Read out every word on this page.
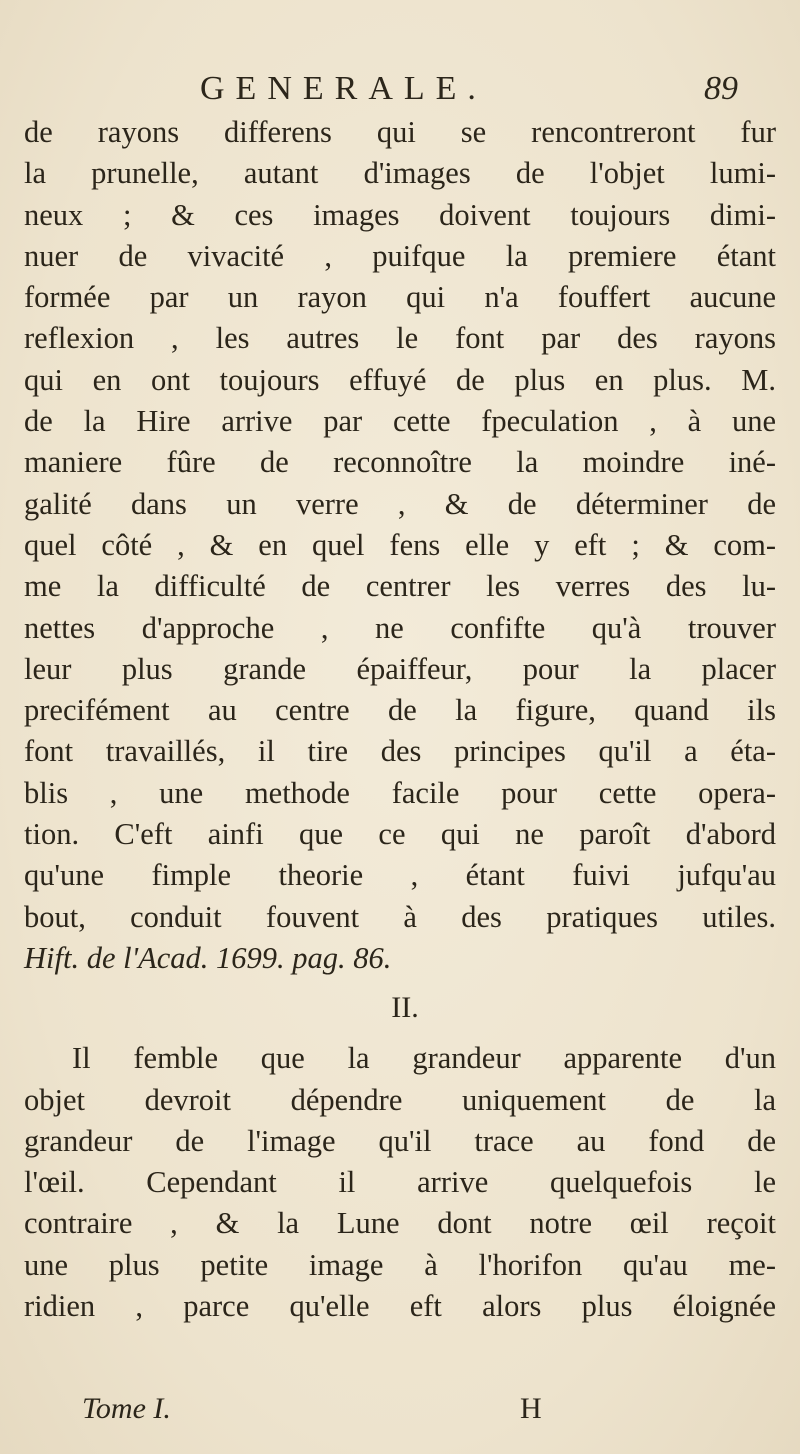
GENERALE.	89
de rayons differens qui se rencontreront fur
la prunelle, autant d'images de l'objet lumi-
neux ; & ces images doivent toujours dimi-
nuer de vivacité , puifque la premiere étant
formée par un rayon qui n'a fouffert aucune
reflexion , les autres le font par des rayons
qui en ont toujours effuyé de plus en plus. M.
de la Hire arrive par cette fpeculation , à une
maniere fûre de reconnoître la moindre iné-
galité dans un verre , & de déterminer de
quel côté , & en quel fens elle y eft ; & com-
me la difficulté de centrer les verres des lu-
nettes d'approche , ne confifte qu'à trouver
leur plus grande épaiffeur, pour la placer
precifément au centre de la figure, quand ils
font travaillés, il tire des principes qu'il a éta-
blis , une methode facile pour cette opera-
tion. C'eft ainfi que ce qui ne paroît d'abord
qu'une fimple theorie , étant fuivi jufqu'au
bout, conduit fouvent à des pratiques utiles.
Hift. de l'Acad. 1699. pag. 86.
II.
Il femble que la grandeur apparente d'un
objet devroit dépendre uniquement de la
grandeur de l'image qu'il trace au fond de
l'œil. Cependant il arrive quelquefois le
contraire , & la Lune dont notre œil reçoit
une plus petite image à l'horifon qu'au me-
ridien , parce qu'elle eft alors plus éloignée
Tome I.	H
